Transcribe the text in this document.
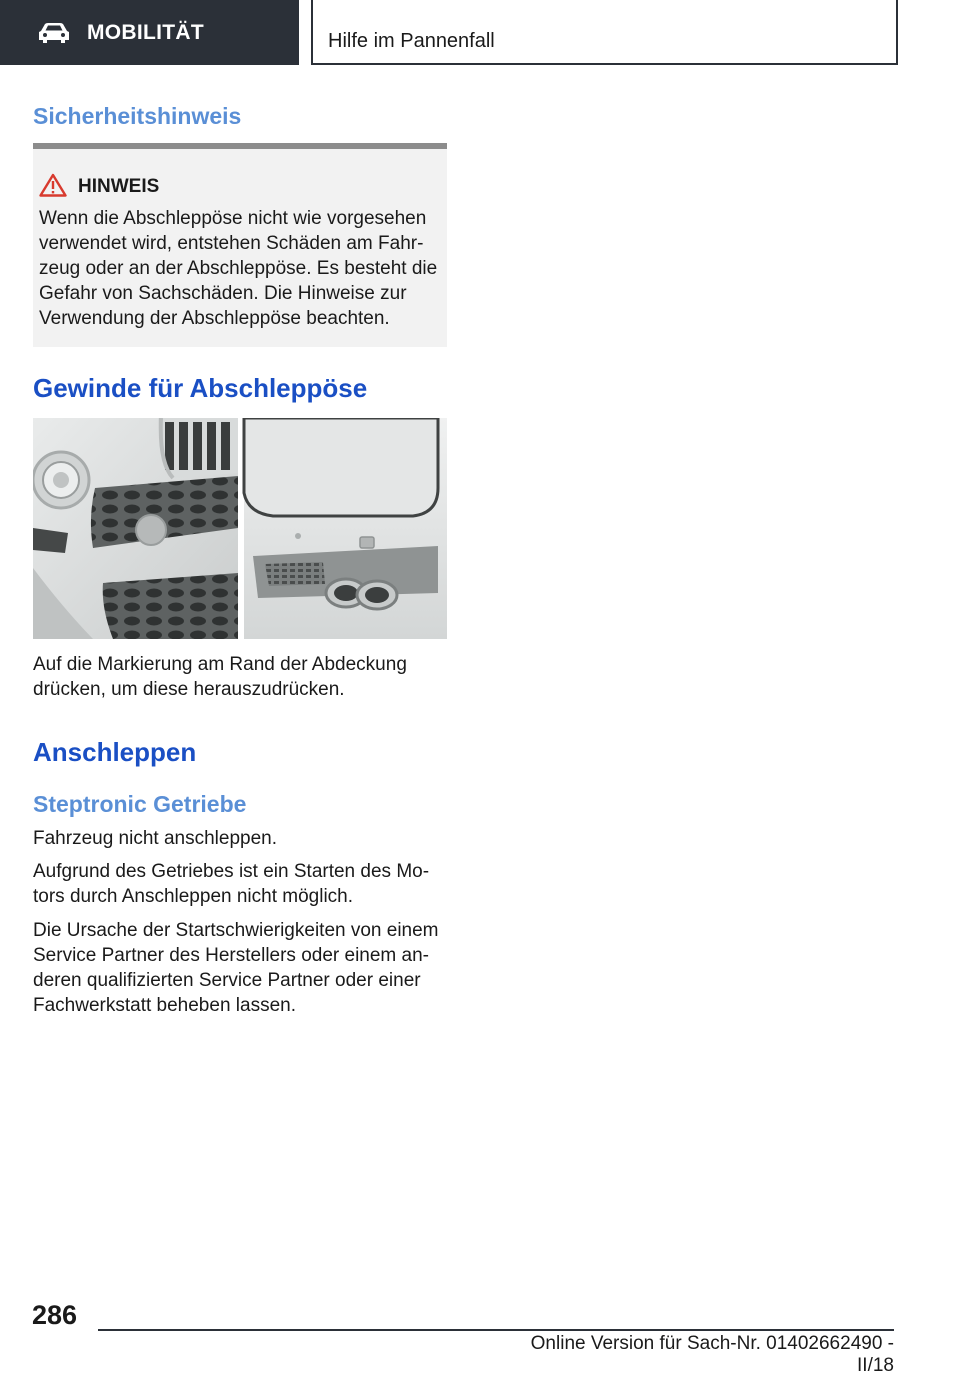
MOBILITÄT	Hilfe im Pannenfall
Sicherheitshinweis
HINWEIS

Wenn die Abschleppöse nicht wie vorgesehen
verwendet wird, entstehen Schäden am Fahr-
zeug oder an der Abschleppöse. Es besteht die
Gefahr von Sachschäden. Die Hinweise zur
Verwendung der Abschleppöse beachten.

Gewinde für Abschleppöse

Auf die Markierung am Rand der Abdeckung
drücken, um diese herauszudrücken.

Anschleppen
Steptronic Getriebe

Fahrzeug nicht anschleppen.

Aufgrund des Getriebes ist ein Starten des Mo-
tors durch Anschleppen nicht möglich.

Die Ursache der Startschwierigkeiten von einem
Service Partner des Herstellers oder einem an-
deren qualifizierten Service Partner oder einer
Fachwerkstatt beheben lassen.

286

Online Version für Sach-Nr. 01402662490 - II/18
